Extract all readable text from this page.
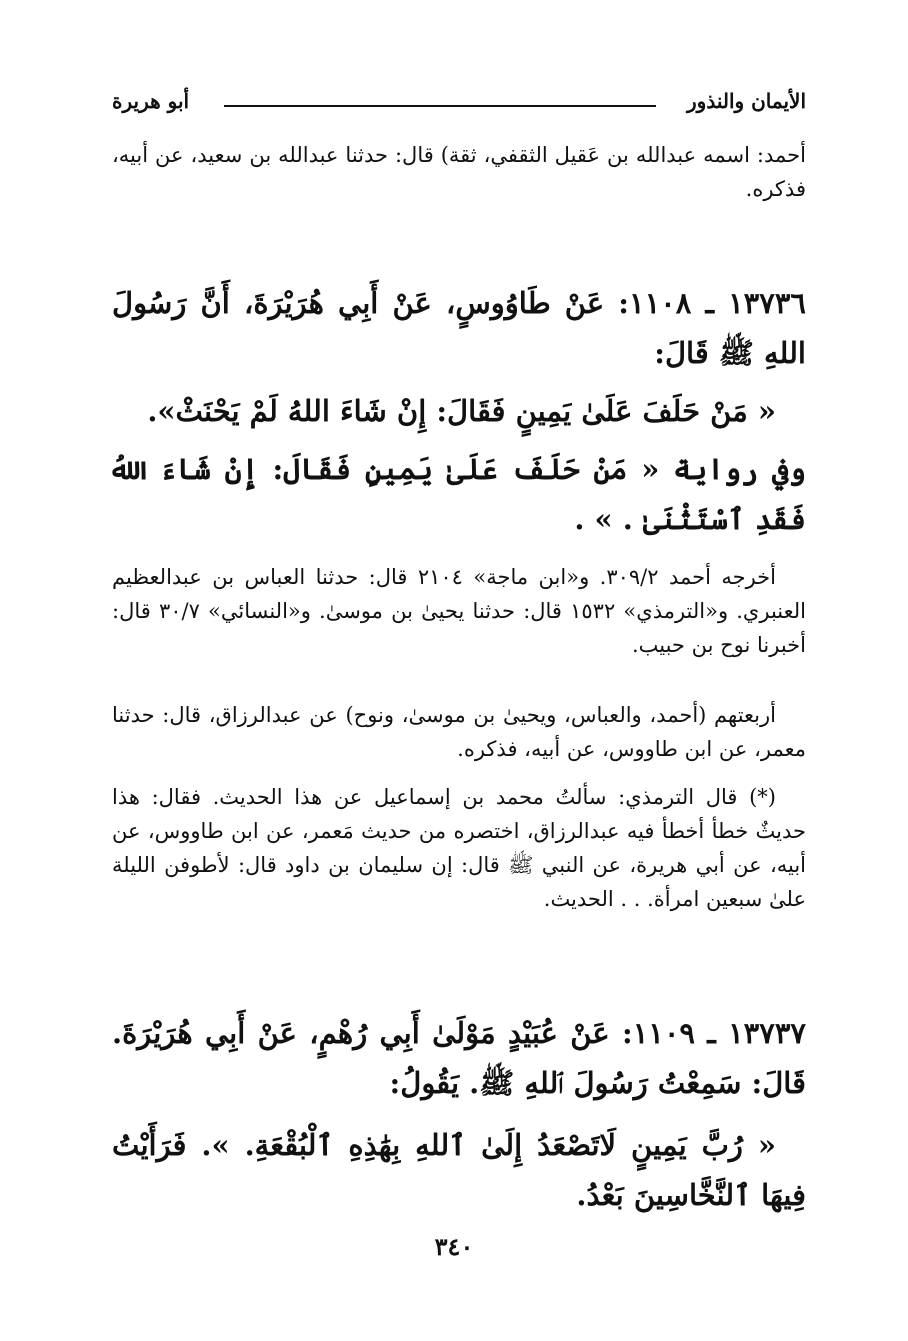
الأيمان والنذور
أبو هريرة

أحمد: اسمه عبدالله بن عَقيل الثقفي، ثقة) قال: حدثنا عبدالله بن سعيد، عن أبيه، فذكره.

١٣٧٣٦ ـ ١١٠٨: عَنْ طَاوُوسٍ، عَنْ أَبِي هُرَيْرَةَ، أَنَّ رَسُولَ اللهِ ﷺ قَالَ:

« مَنْ حَلَفَ عَلَىٰ يَمِينٍ فَقَالَ: إِنْ شَاءَ اللهُ لَمْ يَحْنَثْ».

وفي رواية « مَنْ حَلَفَ عَلَىٰ يَمِينٍ فَقَالَ: إِنْ شَاءَ اللهُ فَقَدِ ٱسْتَثْنَىٰ . » .

أخرجه أحمد ٣٠٩/٢. و«ابن ماجة» ٢١٠٤ قال: حدثنا العباس بن عبدالعظيم العنبري. و«الترمذي» ١٥٣٢ قال: حدثنا يحيىٰ بن موسىٰ. و«النسائي» ٣٠/٧ قال: أخبرنا نوح بن حبيب.

أربعتهم (أحمد، والعباس، ويحيىٰ بن موسىٰ، ونوح) عن عبدالرزاق، قال: حدثنا معمر، عن ابن طاووس، عن أبيه، فذكره.

(*) قال الترمذي: سألتُ محمد بن إسماعيل عن هذا الحديث. فقال: هذا حديثٌ خطأ أخطأ فيه عبدالرزاق، اختصره من حديث مَعمر، عن ابن طاووس، عن أبيه، عن أبي هريرة، عن النبي ﷺ قال: إن سليمان بن داود قال: لأطوفن الليلة علىٰ سبعين امرأة. . . الحديث.

١٣٧٣٧ ـ ١١٠٩: عَنْ عُبَيْدٍ مَوْلَىٰ أَبِي رُهْمٍ، عَنْ أَبِي هُرَيْرَةَ. قَالَ: سَمِعْتُ رَسُولَ ٱللهِ ﷺ. يَقُولُ:

« رُبَّ يَمِينٍ لَاتَصْعَدُ إِلَىٰ ٱللهِ بِهَٰذِهِ ٱلْبُقْعَةِ. ». فَرَأَيْتُ فِيهَا ٱلنَّخَّاسِينَ بَعْدُ.

٣٤٠
